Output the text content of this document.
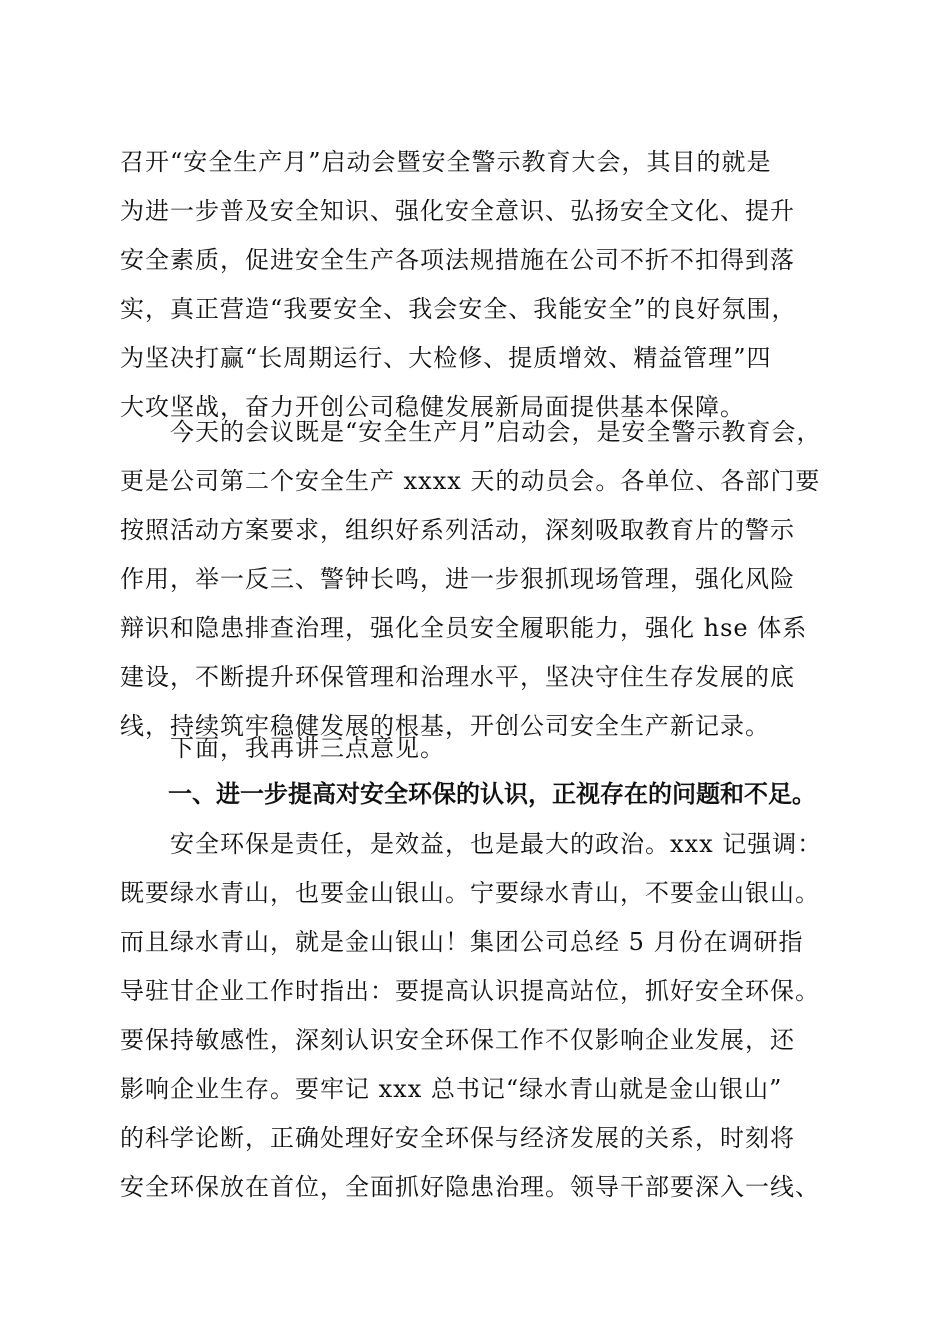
召开“安全生产月”启动会暨安全警示教育大会，其目的就是
为进一步普及安全知识、强化安全意识、弘扬安全文化、提升
安全素质，促进安全生产各项法规措施在公司不折不扣得到落
实，真正营造“我要安全、我会安全、我能安全”的良好氛围，
为坚决打赢“长周期运行、大检修、提质增效、精益管理”四
大攻坚战，奋力开创公司稳健发展新局面提供基本保障。
　　今天的会议既是“安全生产月”启动会，是安全警示教育会，
更是公司第二个安全生产 xxxx 天的动员会。各单位、各部门要
按照活动方案要求，组织好系列活动，深刻吸取教育片的警示
作用，举一反三、警钟长鸣，进一步狠抓现场管理，强化风险
辩识和隐患排查治理，强化全员安全履职能力，强化 hse 体系
建设，不断提升环保管理和治理水平，坚决守住生存发展的底
线，持续筑牢稳健发展的根基，开创公司安全生产新记录。
　　下面，我再讲三点意见。
　　一、进一步提高对安全环保的认识，正视存在的问题和不足。
　　安全环保是责任，是效益，也是最大的政治。xxx 记强调：
既要绿水青山，也要金山银山。宁要绿水青山，不要金山银山。
而且绿水青山，就是金山银山！集团公司总经 5 月份在调研指
导驻甘企业工作时指出：要提高认识提高站位，抓好安全环保。
要保持敏感性，深刻认识安全环保工作不仅影响企业发展，还
影响企业生存。要牢记 xxx 总书记“绿水青山就是金山银山”
的科学论断，正确处理好安全环保与经济发展的关系，时刻将
安全环保放在首位，全面抓好隐患治理。领导干部要深入一线、
